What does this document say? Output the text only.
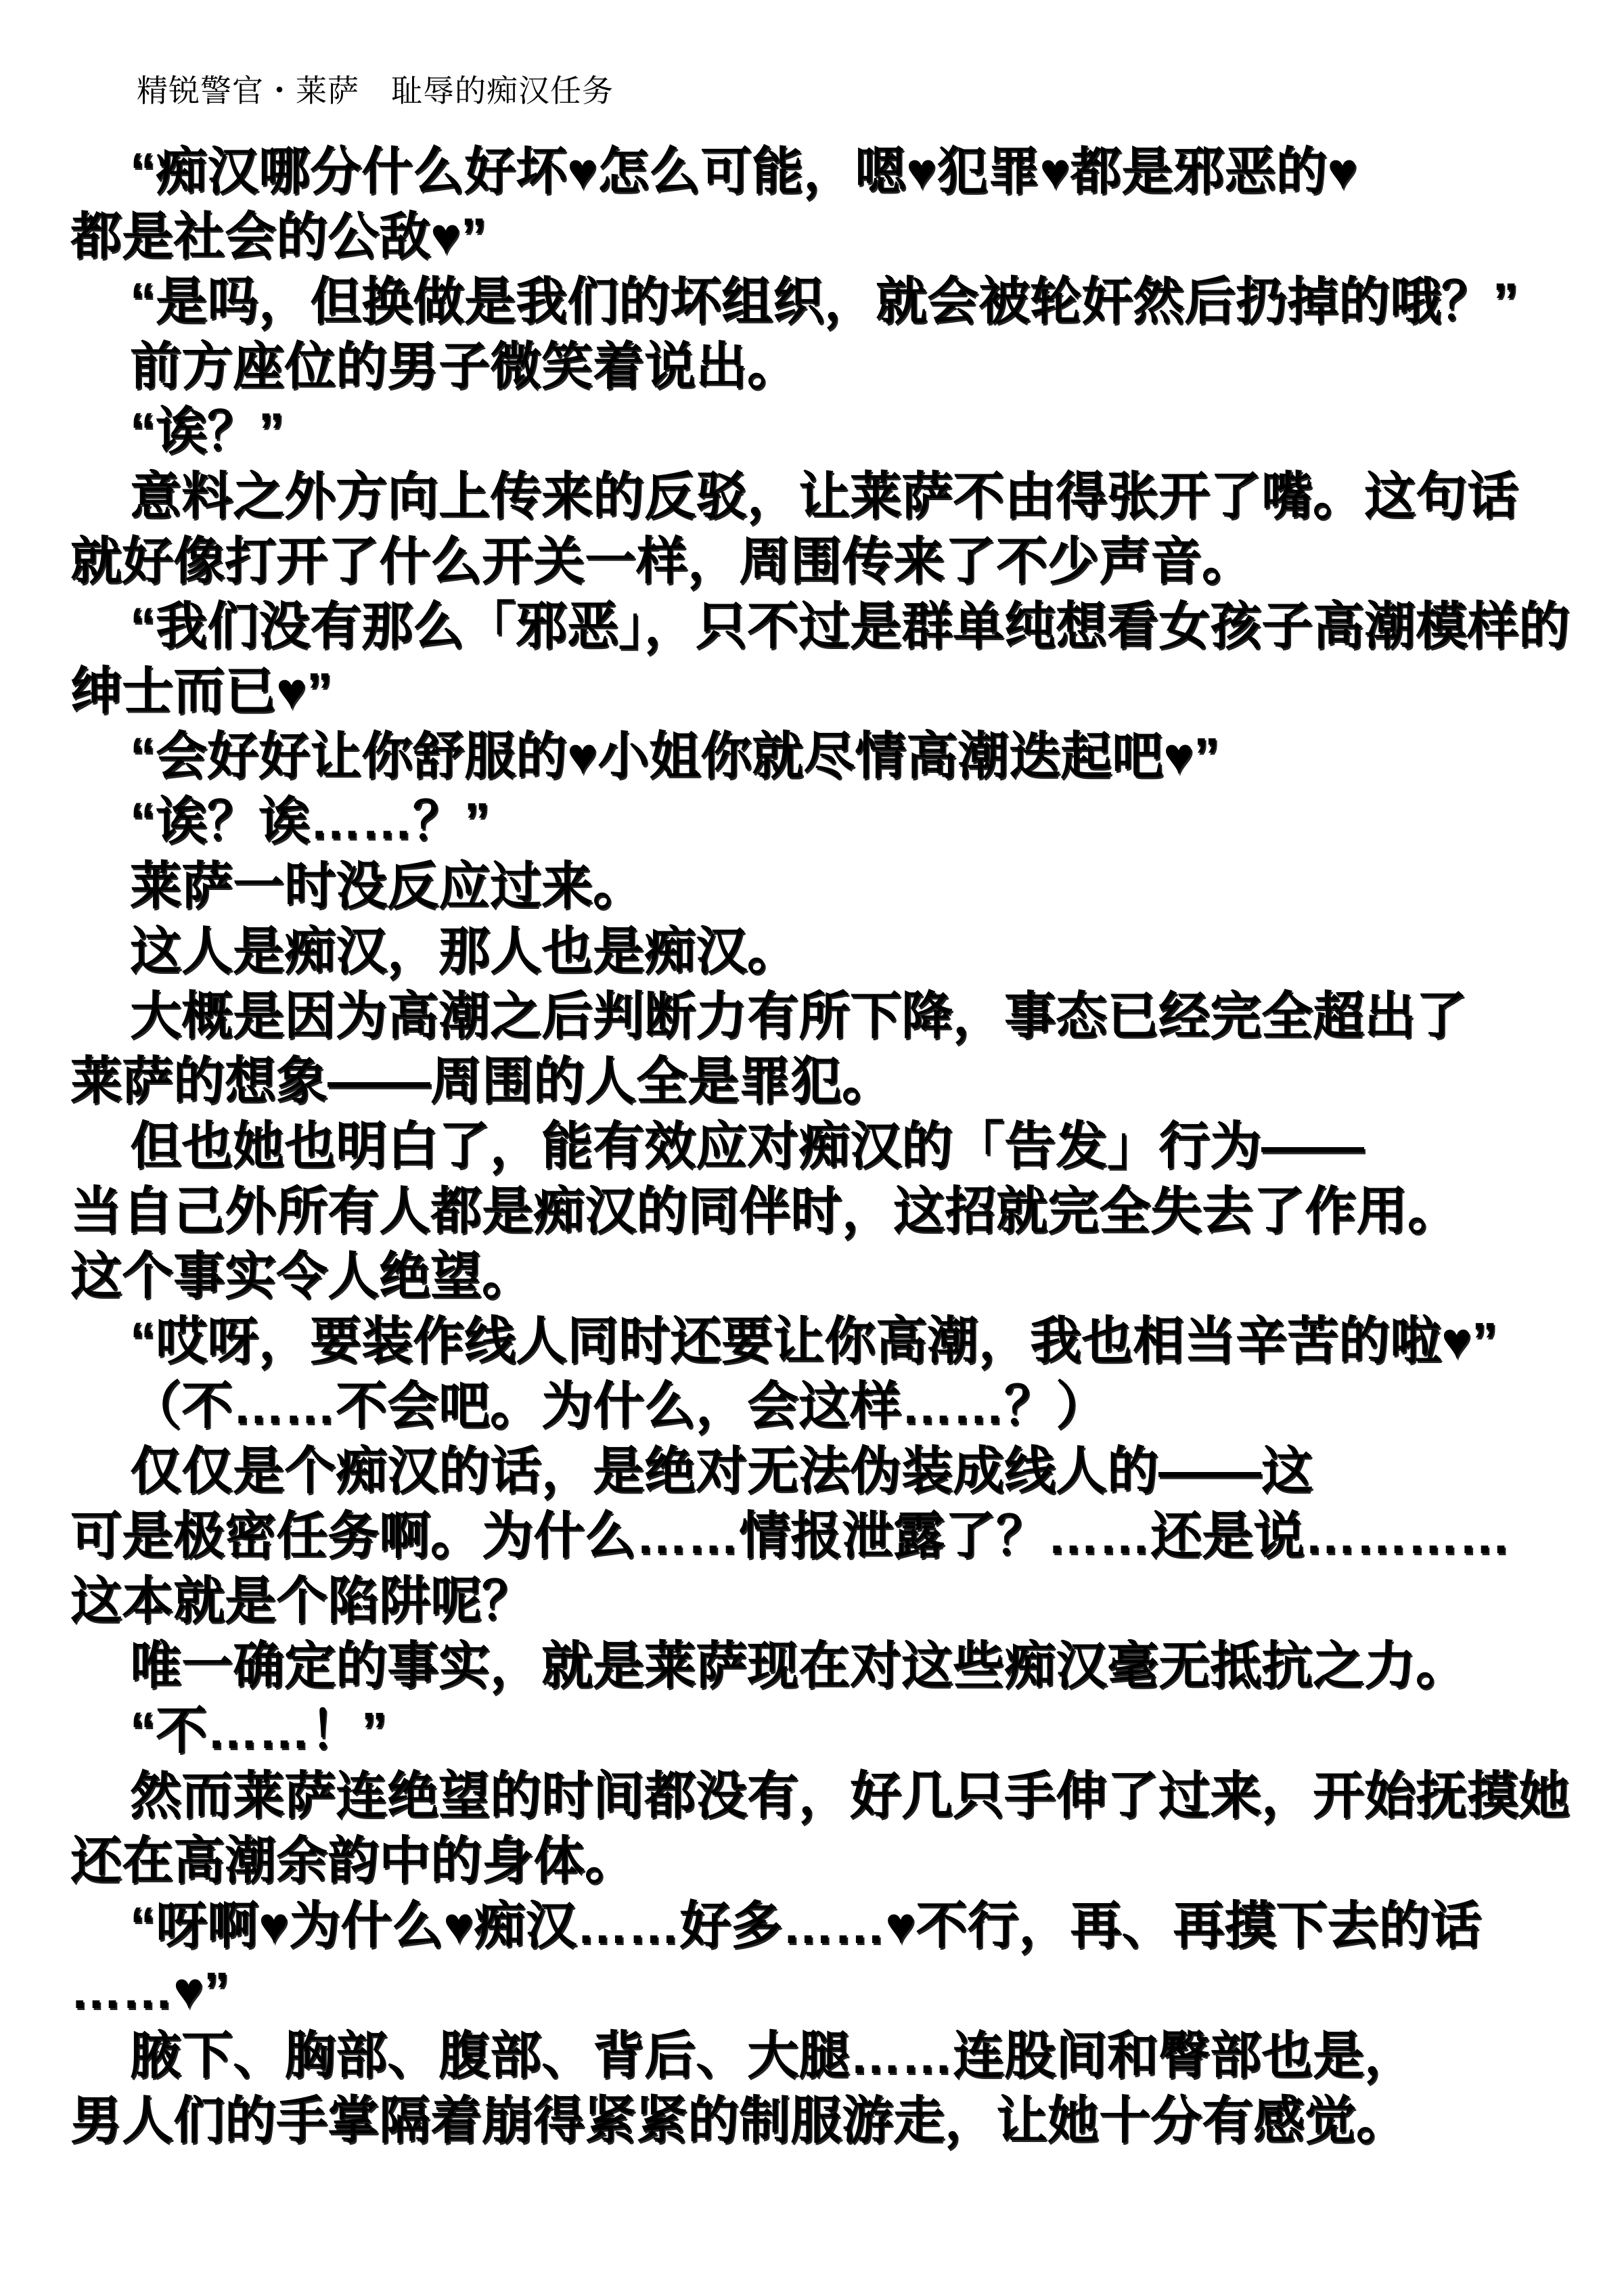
精锐警官・莱萨　耻辱的痴汉任务

“痴汉哪分什么好坏♥怎么可能，嗯♥犯罪♥都是邪恶的♥

都是社会的公敌♥”

“是吗，但换做是我们的坏组织，就会被轮奸然后扔掉的哦？”

前方座位的男子微笑着说出。

“诶？”

意料之外方向上传来的反驳，让莱萨不由得张开了嘴。这句话

就好像打开了什么开关一样，周围传来了不少声音。

“我们没有那么「邪恶」，只不过是群单纯想看女孩子高潮模样的

绅士而已♥”

“会好好让你舒服的♥小姐你就尽情高潮迭起吧♥”

“诶？诶……？”

莱萨一时没反应过来。

这人是痴汉，那人也是痴汉。

大概是因为高潮之后判断力有所下降，事态已经完全超出了

莱萨的想象——周围的人全是罪犯。

但也她也明白了，能有效应对痴汉的「告发」行为——

当自己外所有人都是痴汉的同伴时，这招就完全失去了作用。

这个事实令人绝望。

“哎呀，要装作线人同时还要让你高潮，我也相当辛苦的啦♥”

（不……不会吧。为什么，会这样……？）

仅仅是个痴汉的话，是绝对无法伪装成线人的——这

可是极密任务啊。为什么……情报泄露了？……还是说…………

这本就是个陷阱呢？

唯一确定的事实，就是莱萨现在对这些痴汉毫无抵抗之力。

“不……！”

然而莱萨连绝望的时间都没有，好几只手伸了过来，开始抚摸她

还在高潮余韵中的身体。

“呀啊♥为什么♥痴汉……好多……♥不行，再、再摸下去的话

……♥”

腋下、胸部、腹部、背后、大腿……连股间和臀部也是，

男人们的手掌隔着崩得紧紧的制服游走，让她十分有感觉。
